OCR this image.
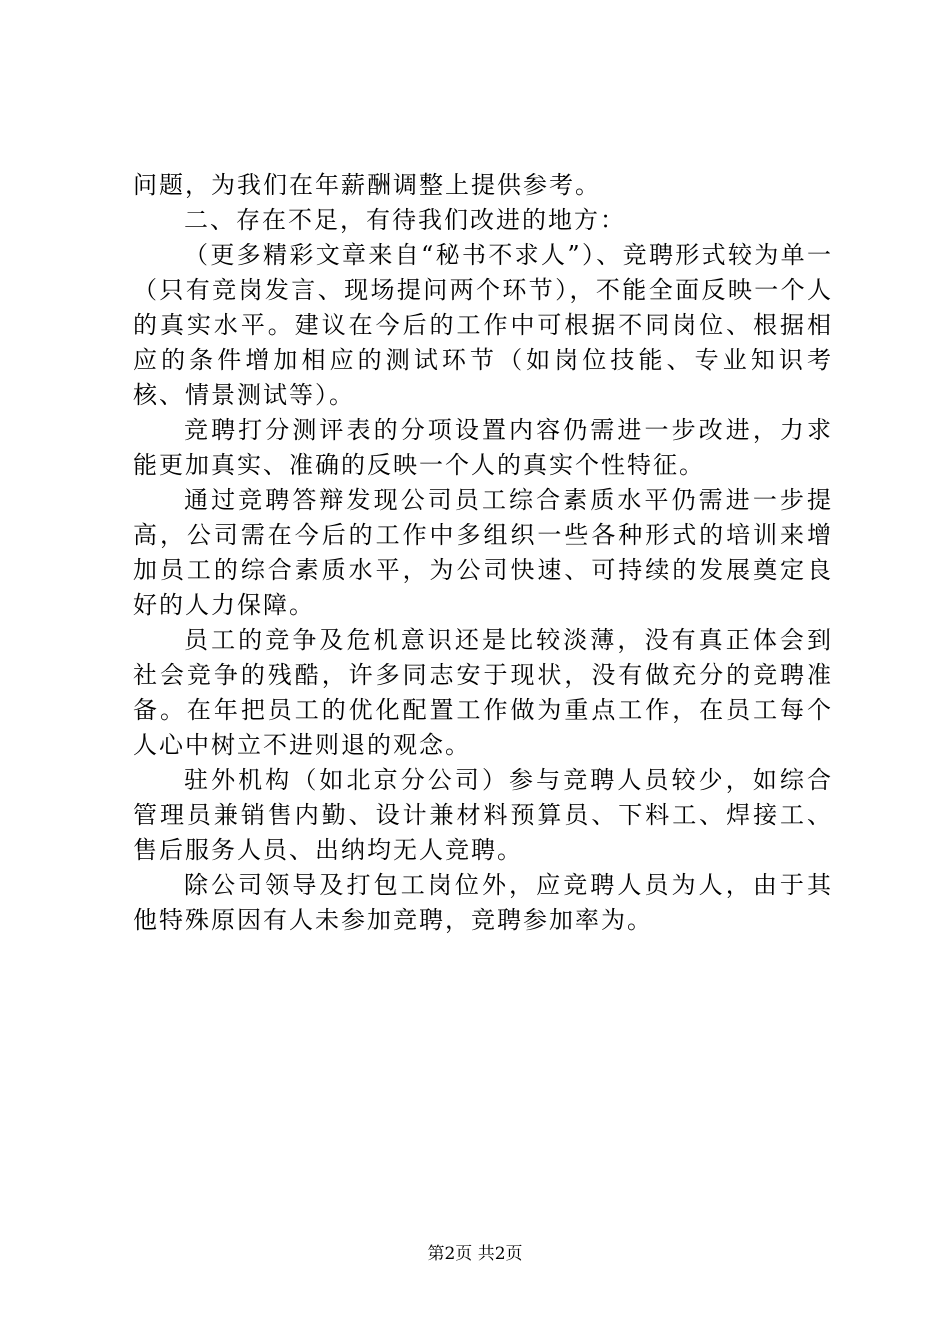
问题，为我们在年薪酬调整上提供参考。

二、存在不足，有待我们改进的地方：

（更多精彩文章来自“秘书不求人”）、竞聘形式较为单一（只有竞岗发言、现场提问两个环节），不能全面反映一个人的真实水平。建议在今后的工作中可根据不同岗位、根据相应的条件增加相应的测试环节（如岗位技能、专业知识考核、情景测试等）。

竞聘打分测评表的分项设置内容仍需进一步改进，力求能更加真实、准确的反映一个人的真实个性特征。

通过竞聘答辩发现公司员工综合素质水平仍需进一步提高，公司需在今后的工作中多组织一些各种形式的培训来增加员工的综合素质水平，为公司快速、可持续的发展奠定良好的人力保障。

员工的竞争及危机意识还是比较淡薄，没有真正体会到社会竞争的残酷，许多同志安于现状，没有做充分的竞聘准备。在年把员工的优化配置工作做为重点工作，在员工每个人心中树立不进则退的观念。

驻外机构（如北京分公司）参与竞聘人员较少，如综合管理员兼销售内勤、设计兼材料预算员、下料工、焊接工、售后服务人员、出纳均无人竞聘。

除公司领导及打包工岗位外，应竞聘人员为人，由于其他特殊原因有人未参加竞聘，竞聘参加率为。

第2页 共2页
